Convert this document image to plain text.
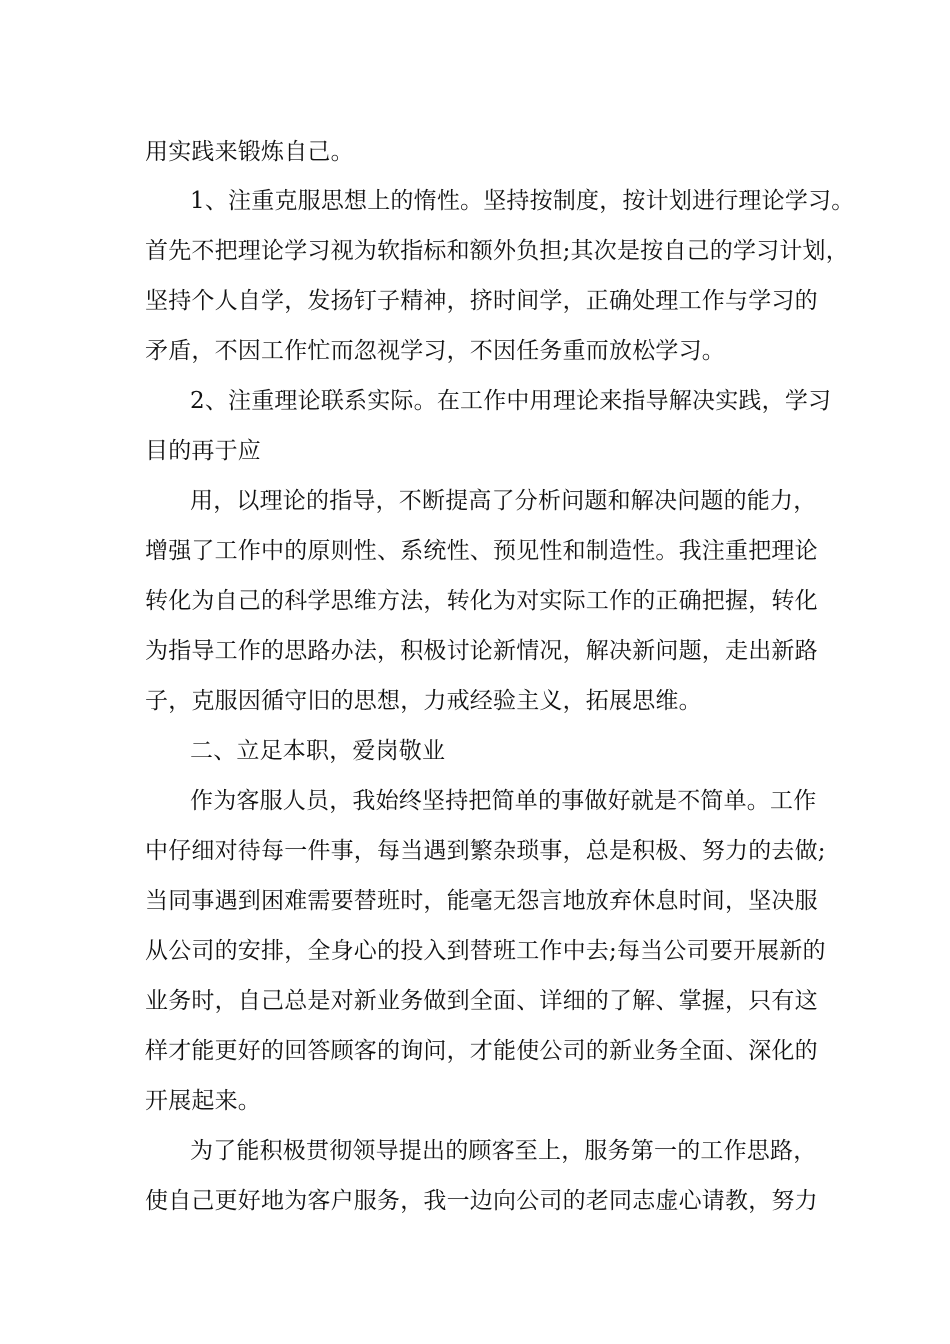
用实践来锻炼自己。
1、注重克服思想上的惰性。坚持按制度，按计划进行理论学习。
首先不把理论学习视为软指标和额外负担;其次是按自己的学习计划，
坚持个人自学，发扬钉子精神，挤时间学，正确处理工作与学习的
矛盾，不因工作忙而忽视学习，不因任务重而放松学习。
2、注重理论联系实际。在工作中用理论来指导解决实践，学习
目的再于应
用，以理论的指导，不断提高了分析问题和解决问题的能力，
增强了工作中的原则性、系统性、预见性和制造性。我注重把理论
转化为自己的科学思维方法，转化为对实际工作的正确把握，转化
为指导工作的思路办法，积极讨论新情况，解决新问题，走出新路
子，克服因循守旧的思想，力戒经验主义，拓展思维。
二、立足本职，爱岗敬业
作为客服人员，我始终坚持把简单的事做好就是不简单。工作
中仔细对待每一件事，每当遇到繁杂琐事，总是积极、努力的去做;
当同事遇到困难需要替班时，能毫无怨言地放弃休息时间，坚决服
从公司的安排，全身心的投入到替班工作中去;每当公司要开展新的
业务时，自己总是对新业务做到全面、详细的了解、掌握，只有这
样才能更好的回答顾客的询问，才能使公司的新业务全面、深化的
开展起来。
为了能积极贯彻领导提出的顾客至上，服务第一的工作思路，
使自己更好地为客户服务，我一边向公司的老同志虚心请教，努力
